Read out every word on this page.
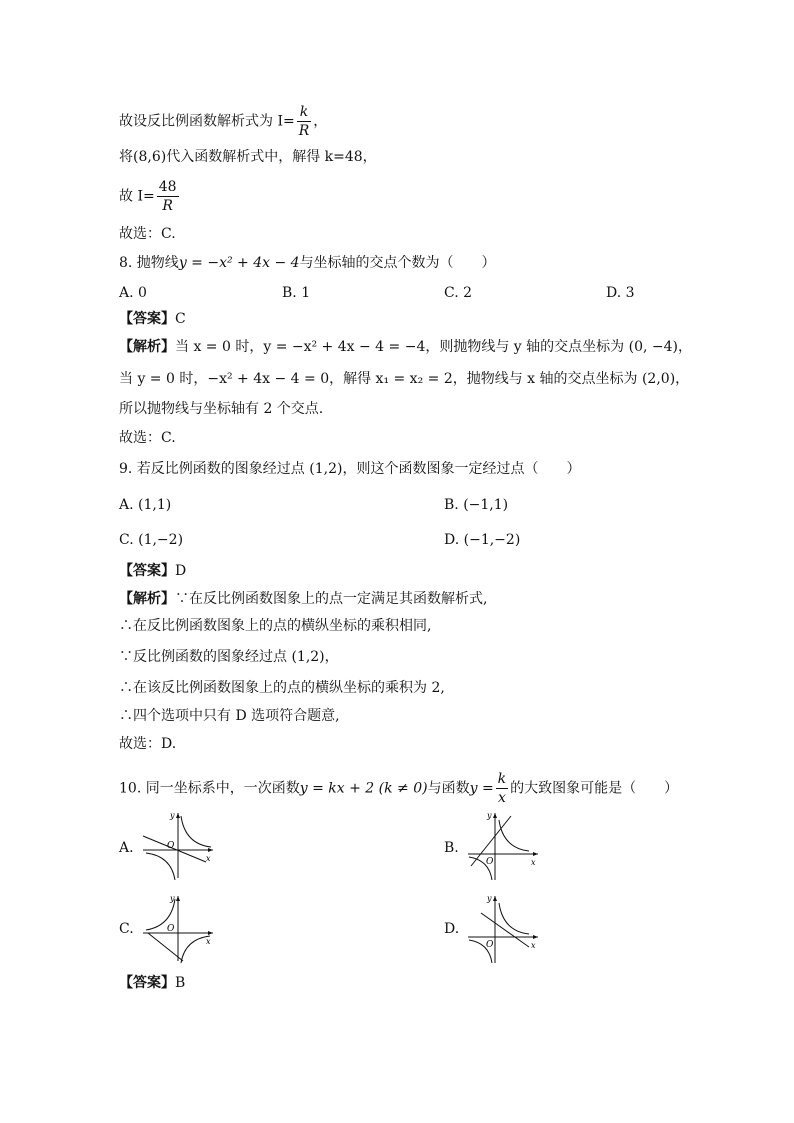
故设反比例函数解析式为 $I= \frac{k}{R}$ ，
将(8,6)代入函数解析式中，解得 k=48，
故 $I= \frac{48}{R}$
故选：C.
8. 抛物线y = −x² + 4x − 4与坐标轴的交点个数为（　　）
A. 0	B. 1	C. 2	D. 3
【答案】C
【解析】当 x = 0 时，y = −x² + 4x − 4 = −4，则抛物线与 y 轴的交点坐标为 (0, −4)，
当 y = 0 时，−x² + 4x − 4 = 0，解得 x₁ = x₂ = 2，抛物线与 x 轴的交点坐标为 (2,0)，
所以抛物线与坐标轴有 2 个交点.
故选：C.
9. 若反比例函数的图象经过点 (1,2)，则这个函数图象一定经过点（　　）
A. (1,1)	B. (−1,1)
C. (1,−2)	D. (−1,−2)
【答案】D
【解析】∵在反比例函数图象上的点一定满足其函数解析式,
∴在反比例函数图象上的点的横纵坐标的乘积相同,
∵反比例函数的图象经过点 (1,2)，
∴在该反比例函数图象上的点的横纵坐标的乘积为 2,
∴四个选项中只有 D 选项符合题意,
故选：D.
10. 同一坐标系中，一次函数y = kx + 2 (k ≠ 0)与函数$y = \frac{k}{x}$ 的大致图象可能是（　　）
A.	B.
C.	D.
x
y
O
x
y
O
x
y
O
x
y
O
【答案】B
